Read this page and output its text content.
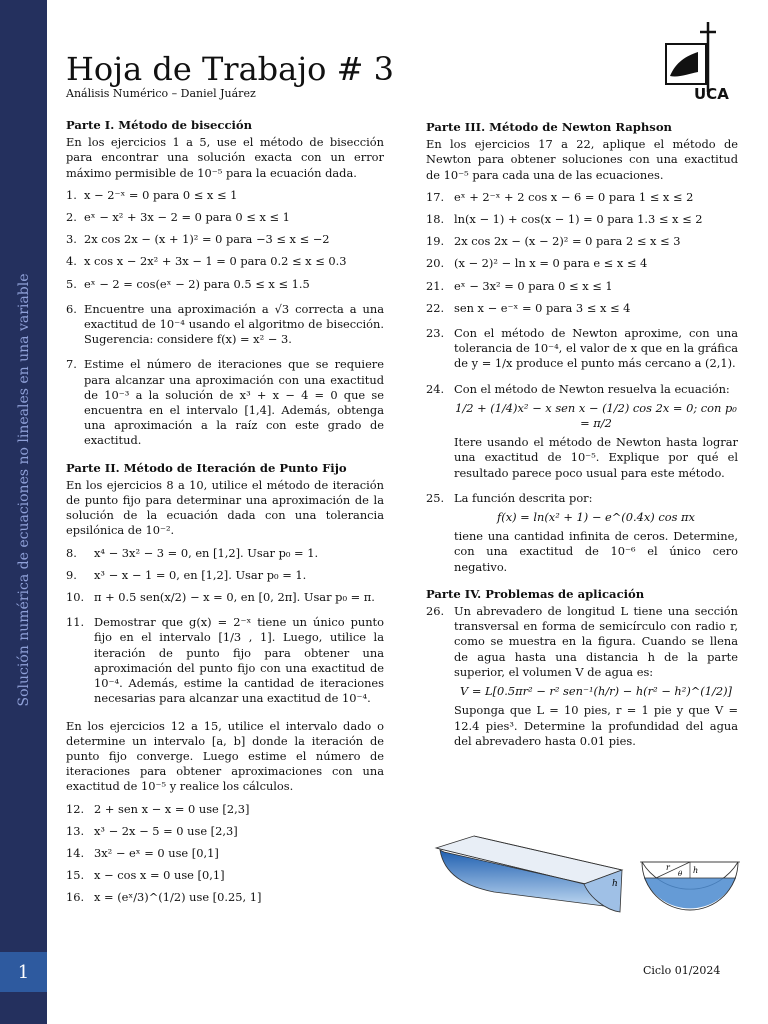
Solución numérica de ecuaciones no lineales en una variable
1
Hoja de Trabajo # 3
Análisis Numérico – Daniel Juárez	UCA
Parte I. Método de bisección

En los ejercicios 1 a 5, use el método de bisección para encontrar una solución exacta con un error máximo permisible de 10⁻⁵ para la ecuación dada.

1. x − 2⁻ˣ = 0 para 0 ≤ x ≤ 1
2. eˣ − x² + 3x − 2 = 0 para 0 ≤ x ≤ 1
3. 2x cos 2x − (x + 1)² = 0 para −3 ≤ x ≤ −2
4. x cos x − 2x² + 3x − 1 = 0 para 0.2 ≤ x ≤ 0.3
5. eˣ − 2 = cos(eˣ − 2) para 0.5 ≤ x ≤ 1.5
6. Encuentre una aproximación a √3 correcta a una exactitud de 10⁻⁴ usando el algoritmo de bisección. Sugerencia: considere f(x) = x² − 3.
7. Estime el número de iteraciones que se requiere para alcanzar una aproximación con una exactitud de 10⁻³ a la solución de x³ + x − 4 = 0 que se encuentra en el intervalo [1,4]. Además, obtenga una aproximación a la raíz con este grado de exactitud.
Parte II. Método de Iteración de Punto Fijo

En los ejercicios 8 a 10, utilice el método de iteración de punto fijo para determinar una aproximación de la solución de la ecuación dada con una tolerancia epsilónica de 10⁻².

8. x⁴ − 3x² − 3 = 0, en [1,2]. Usar p₀ = 1.
9. x³ − x − 1 = 0, en [1,2]. Usar p₀ = 1.
10. π + 0.5 sen(x/2) − x = 0, en [0, 2π]. Usar p₀ = π.
11. Demostrar que g(x) = 2⁻ˣ tiene un único punto fijo en el intervalo [1/3 , 1]. Luego, utilice la iteración de punto fijo para obtener una aproximación del punto fijo con una exactitud de 10⁻⁴. Además, estime la cantidad de iteraciones necesarias para alcanzar una exactitud de 10⁻⁴.

En los ejercicios 12 a 15, utilice el intervalo dado o determine un intervalo [a, b] donde la iteración de punto fijo converge. Luego estime el número de iteraciones para obtener aproximaciones con una exactitud de 10⁻⁵ y realice los cálculos.

12. 2 + sen x − x = 0 use [2,3]
13. x³ − 2x − 5 = 0 use [2,3]
14. 3x² − eˣ = 0 use [0,1]
15. x − cos x = 0 use [0,1]
16. x = (eˣ/3)^(1/2) use [0.25, 1]
Parte III. Método de Newton Raphson

En los ejercicios 17 a 22, aplique el método de Newton para obtener soluciones con una exactitud de 10⁻⁵ para cada una de las ecuaciones.

17. eˣ + 2⁻ˣ + 2 cos x − 6 = 0 para 1 ≤ x ≤ 2
18. ln(x − 1) + cos(x − 1) = 0 para 1.3 ≤ x ≤ 2
19. 2x cos 2x − (x − 2)² = 0 para 2 ≤ x ≤ 3
20. (x − 2)² − ln x = 0 para e ≤ x ≤ 4
21. eˣ − 3x² = 0 para 0 ≤ x ≤ 1
22. sen x − e⁻ˣ = 0 para 3 ≤ x ≤ 4
23. Con el método de Newton aproxime, con una tolerancia de 10⁻⁴, el valor de x que en la gráfica de y = 1/x produce el punto más cercano a (2,1).
24. Con el método de Newton resuelva la ecuación:

1/2 + (1/4)x² − x sen x − (1/2) cos 2x = 0; con p₀ = π/2

Itere usando el método de Newton hasta lograr una exactitud de 10⁻⁵. Explique por qué el resultado parece poco usual para este método.

25. La función descrita por:

f(x) = ln(x² + 1) − e^(0.4x) cos πx

tiene una cantidad infinita de ceros. Determine, con una exactitud de 10⁻⁶ el único cero negativo.

Parte IV. Problemas de aplicación
26. Un abrevadero de longitud L tiene una sección transversal en forma de semicírculo con radio r, como se muestra en la figura. Cuando se llena de agua hasta una distancia h de la parte superior, el volumen V de agua es:

V = L[0.5πr² − r² sen⁻¹(h/r) − h(r² − h²)^(1/2)]

Suponga que L = 10 pies, r = 1 pie y que V = 12.4 pies³. Determine la profundidad del agua del abrevadero hasta 0.01 pies.

h
r
θ h
Ciclo 01/2024
